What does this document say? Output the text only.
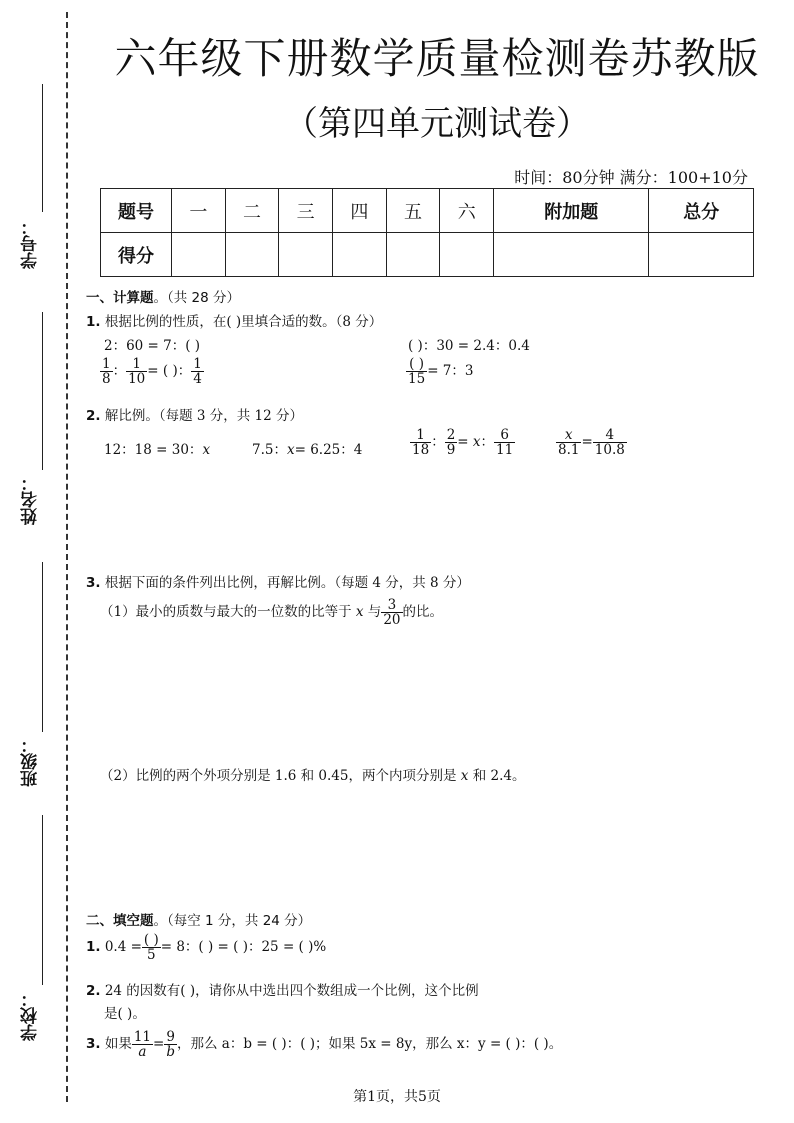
学号：
姓名：
班级：
学校：
六年级下册数学质量检测卷苏教版
（第四单元测试卷）
时间：80分钟 满分：100+10分
题号	一	二	三	四	五	六	附加题	总分
得分								
一、计算题。（共 28 分）
1. 根据比例的性质，在( )里填合适的数。（8 分）
2：60 = 7：( )	( )：30 = 2.4：0.4
$\frac{1}{8}$ ： $\frac{1}{10}$ = ( )： $\frac{1}{4}$	$\frac{( )}{15} = 7$：3
2. 解比例。（每题 3 分，共 12 分）
12：18 = 30：x	7.5：x= 6.25：4	$\frac{1}{18}$ ： $\frac{2}{9} = x$： $\frac{6}{11}$	$\frac{x}{8.1} = \frac{4}{10.8}$
3. 根据下面的条件列出比例，再解比例。（每题 4 分，共 8 分）
（1）最小的质数与最大的一位数的比等于 x 与 $\frac{3}{20}$ 的比。
（2）比例的两个外项分别是 1.6 和 0.45，两个内项分别是 x 和 2.4。
二、填空题。（每空 1 分，共 24 分）
1. $0.4 = \frac{( )}{5} = 8$：( ) = ( )：25 = ( )%
2. 24 的因数有( )，请你从中选出四个数组成一个比例，这个比例
是( )。
3. 如果 $\frac{11}{a} = \frac{9}{b}$ ，那么 a：b = ( )：( )；如果 5x = 8y，那么 x：y = ( )：( )。
第1页，共5页
